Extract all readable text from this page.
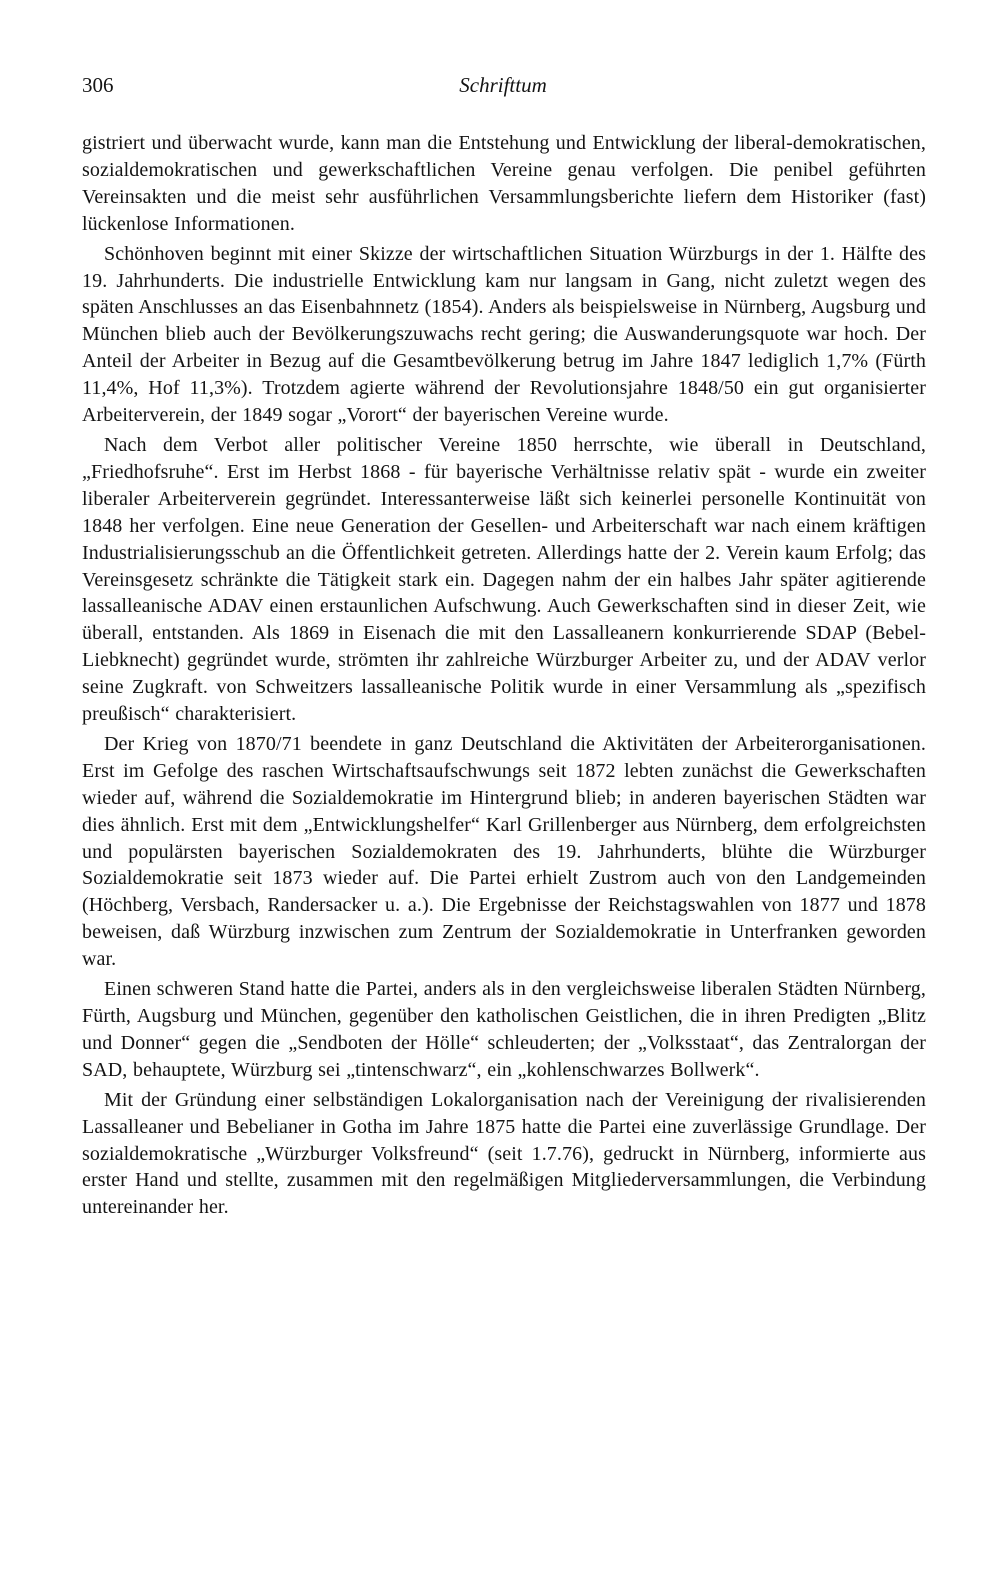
306	Schrifttum

gistriert und überwacht wurde, kann man die Entstehung und Entwicklung der liberal-demokratischen, sozialdemokratischen und gewerkschaftlichen Vereine genau verfolgen. Die penibel geführten Vereinsakten und die meist sehr ausführlichen Versammlungsberichte liefern dem Historiker (fast) lückenlose Informationen.

Schönhoven beginnt mit einer Skizze der wirtschaftlichen Situation Würzburgs in der 1. Hälfte des 19. Jahrhunderts. Die industrielle Entwicklung kam nur langsam in Gang, nicht zuletzt wegen des späten Anschlusses an das Eisenbahnnetz (1854). Anders als beispielsweise in Nürnberg, Augsburg und München blieb auch der Bevölkerungszuwachs recht gering; die Auswanderungsquote war hoch. Der Anteil der Arbeiter in Bezug auf die Gesamtbevölkerung betrug im Jahre 1847 lediglich 1,7% (Fürth 11,4%, Hof 11,3%). Trotzdem agierte während der Revolutionsjahre 1848/50 ein gut organisierter Arbeiterverein, der 1849 sogar „Vorort“ der bayerischen Vereine wurde.

Nach dem Verbot aller politischer Vereine 1850 herrschte, wie überall in Deutschland, „Friedhofsruhe“. Erst im Herbst 1868 - für bayerische Verhältnisse relativ spät - wurde ein zweiter liberaler Arbeiterverein gegründet. Interessanterweise läßt sich keinerlei personelle Kontinuität von 1848 her verfolgen. Eine neue Generation der Gesellen- und Arbeiterschaft war nach einem kräftigen Industrialisierungsschub an die Öffentlichkeit getreten. Allerdings hatte der 2. Verein kaum Erfolg; das Vereinsgesetz schränkte die Tätigkeit stark ein. Dagegen nahm der ein halbes Jahr später agitierende lassalleanische ADAV einen erstaunlichen Aufschwung. Auch Gewerkschaften sind in dieser Zeit, wie überall, entstanden. Als 1869 in Eisenach die mit den Lassalleanern konkurrierende SDAP (Bebel-Liebknecht) gegründet wurde, strömten ihr zahlreiche Würzburger Arbeiter zu, und der ADAV verlor seine Zugkraft. von Schweitzers lassalleanische Politik wurde in einer Versammlung als „spezifisch preußisch“ charakterisiert.

Der Krieg von 1870/71 beendete in ganz Deutschland die Aktivitäten der Arbeiterorganisationen. Erst im Gefolge des raschen Wirtschaftsaufschwungs seit 1872 lebten zunächst die Gewerkschaften wieder auf, während die Sozialdemokratie im Hintergrund blieb; in anderen bayerischen Städten war dies ähnlich. Erst mit dem „Entwicklungshelfer“ Karl Grillenberger aus Nürnberg, dem erfolgreichsten und populärsten bayerischen Sozialdemokraten des 19. Jahrhunderts, blühte die Würzburger Sozialdemokratie seit 1873 wieder auf. Die Partei erhielt Zustrom auch von den Landgemeinden (Höchberg, Versbach, Randersacker u. a.). Die Ergebnisse der Reichstagswahlen von 1877 und 1878 beweisen, daß Würzburg inzwischen zum Zentrum der Sozialdemokratie in Unterfranken geworden war.

Einen schweren Stand hatte die Partei, anders als in den vergleichsweise liberalen Städten Nürnberg, Fürth, Augsburg und München, gegenüber den katholischen Geistlichen, die in ihren Predigten „Blitz und Donner“ gegen die „Sendboten der Hölle“ schleuderten; der „Volksstaat“, das Zentralorgan der SAD, behauptete, Würzburg sei „tintenschwarz“, ein „kohlenschwarzes Bollwerk“.

Mit der Gründung einer selbständigen Lokalorganisation nach der Vereinigung der rivalisierenden Lassalleaner und Bebelianer in Gotha im Jahre 1875 hatte die Partei eine zuverlässige Grundlage. Der sozialdemokratische „Würzburger Volksfreund“ (seit 1.7.76), gedruckt in Nürnberg, informierte aus erster Hand und stellte, zusammen mit den regelmäßigen Mitgliederversammlungen, die Verbindung untereinander her.
